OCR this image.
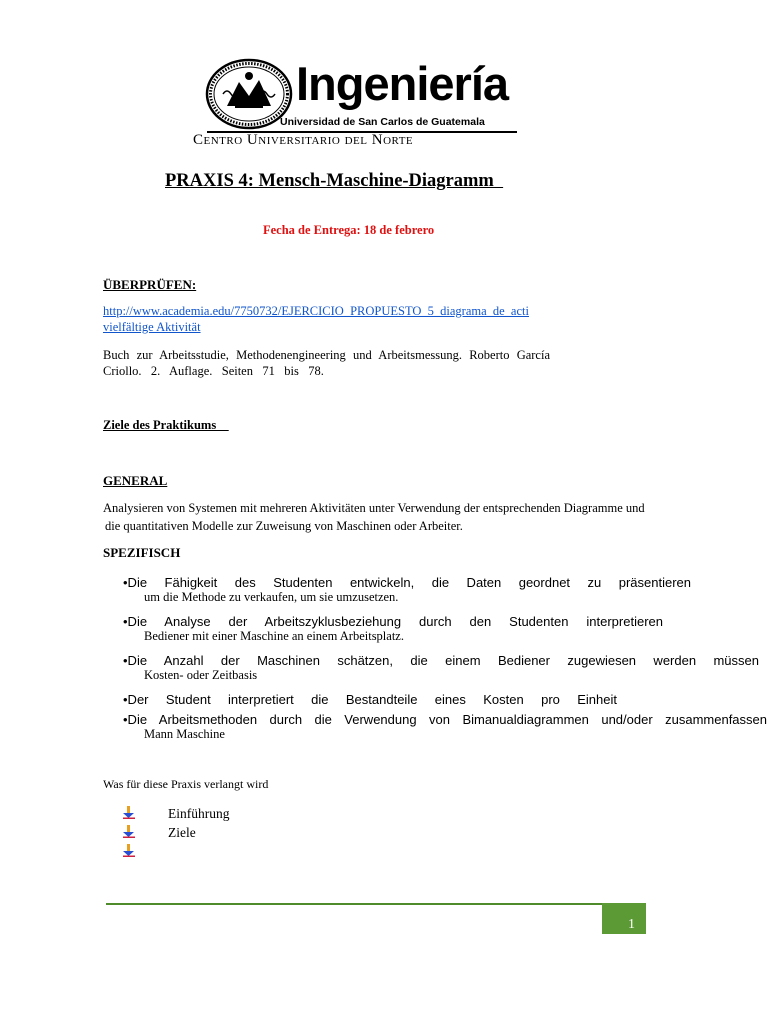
Ingeniería
Universidad de San Carlos de Guatemala
Centro Universitario del Norte
PRAXIS 4: Mensch-Maschine-Diagramm
Fecha de Entrega: 18 de febrero
ÜBERPRÜFEN:
http://www.academia.edu/7750732/EJERCICIO_PROPUESTO_5_diagrama_de_acti
vielfältige Aktivität
Buch zur Arbeitsstudie, Methodenengineering und Arbeitsmessung. Roberto García
Criollo.   2.   Auflage.   Seiten   71   bis   78.
Ziele des Praktikums
GENERAL
Analysieren von Systemen mit mehreren Aktivitäten unter Verwendung der entsprechenden Diagramme und
die quantitativen Modelle zur Zuweisung von Maschinen oder Arbeiter.
SPEZIFISCH
•Die Fähigkeit des Studenten entwickeln, die Daten geordnet zu präsentieren
um die Methode zu verkaufen, um sie umzusetzen.
•Die Analyse der Arbeitszyklusbeziehung durch den Studenten interpretieren
Bediener mit einer Maschine an einem Arbeitsplatz.
•Die Anzahl der Maschinen schätzen, die einem Bediener zugewiesen werden müssen
Kosten- oder Zeitbasis
•Der Student interpretiert die Bestandteile eines Kosten pro Einheit
•Die Arbeitsmethoden durch die Verwendung von Bimanualdiagrammen und/oder zusammenfassen
Mann Maschine
Was für diese Praxis verlangt wird
Einführung
Ziele
1
